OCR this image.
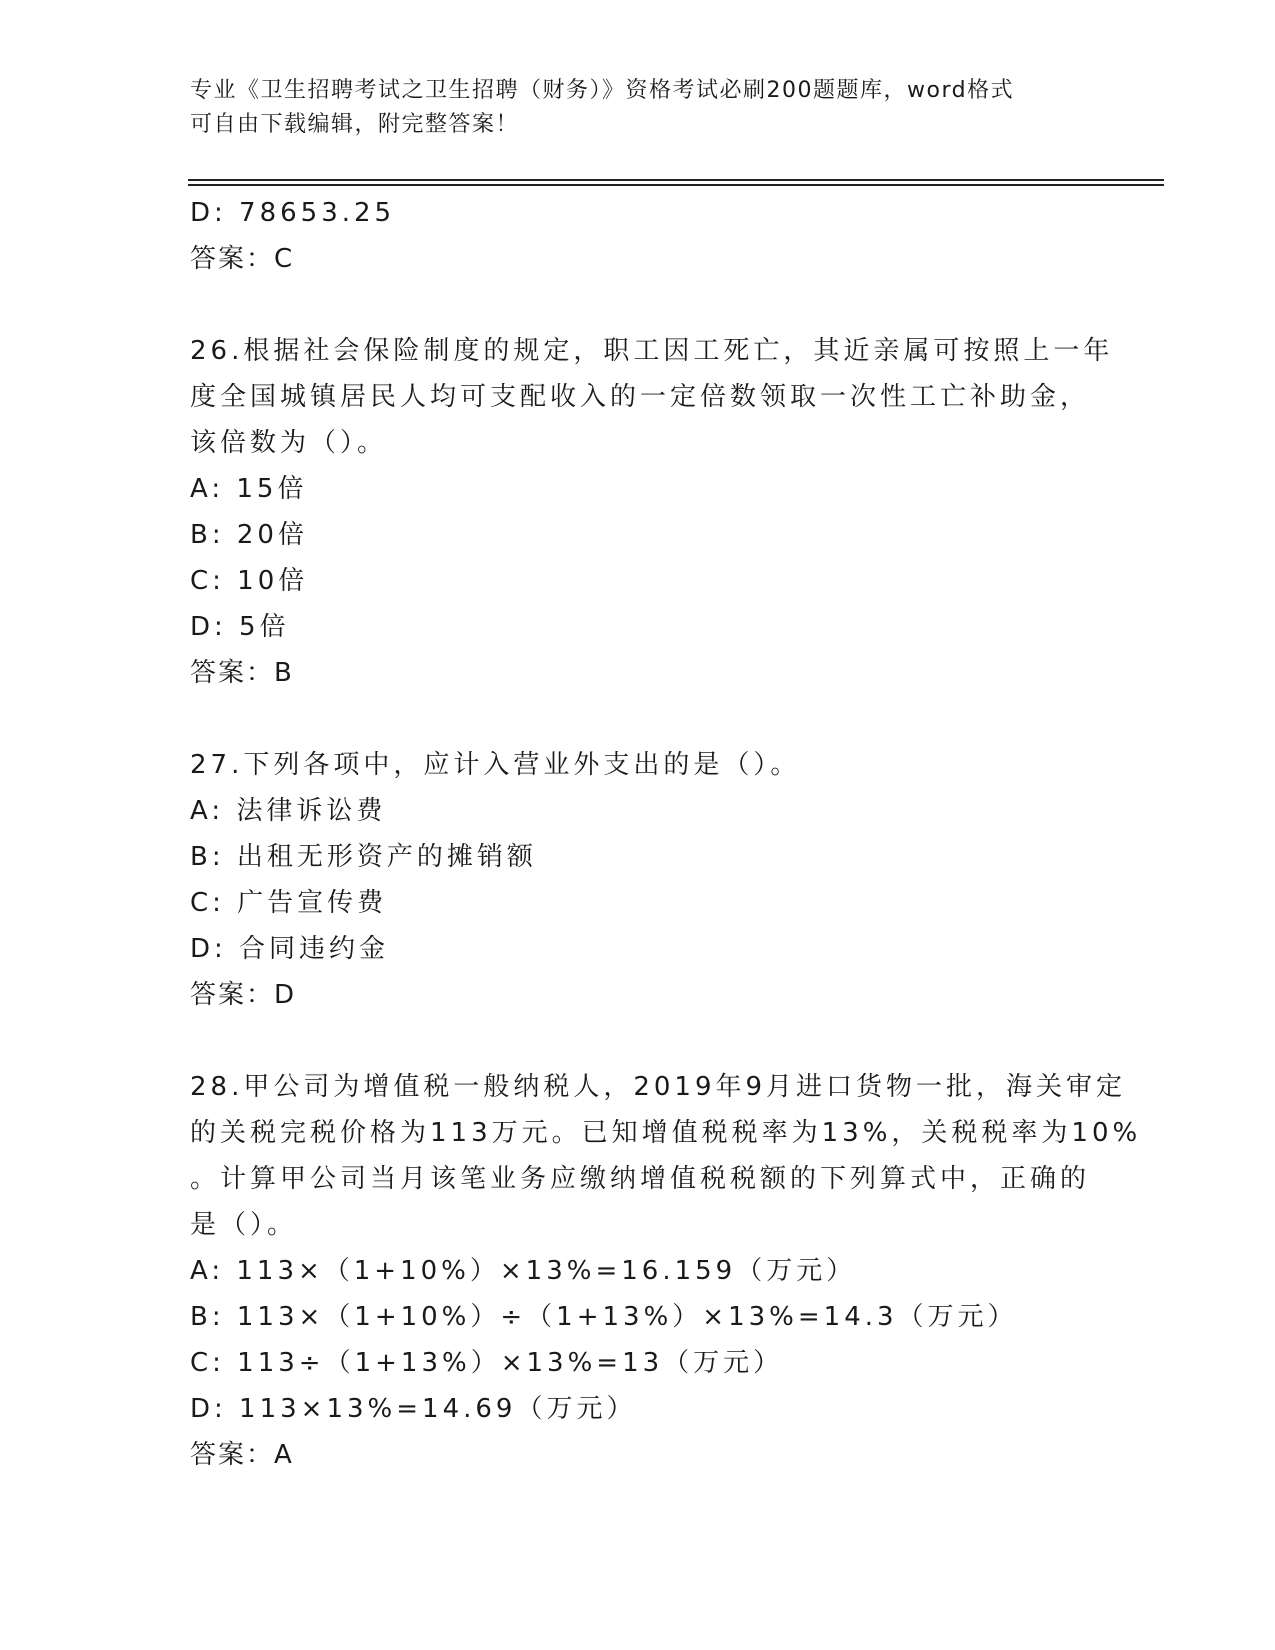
专业《卫生招聘考试之卫生招聘（财务）》资格考试必刷200题题库，word格式
可自由下载编辑，附完整答案！
D: 78653.25
答案：C
26.根据社会保险制度的规定，职工因工死亡，其近亲属可按照上一年
度全国城镇居民人均可支配收入的一定倍数领取一次性工亡补助金，
该倍数为（）。
A: 15倍
B: 20倍
C: 10倍
D: 5倍
答案：B
27.下列各项中，应计入营业外支出的是（）。
A: 法律诉讼费
B: 出租无形资产的摊销额
C: 广告宣传费
D: 合同违约金
答案：D
28.甲公司为增值税一般纳税人，2019年9月进口货物一批，海关审定
的关税完税价格为113万元。已知增值税税率为13%，关税税率为10%
。计算甲公司当月该笔业务应缴纳增值税税额的下列算式中，正确的
是（）。
A: 113×（1+10%）×13%=16.159（万元）
B: 113×（1+10%）÷（1+13%）×13%=14.3（万元）
C: 113÷（1+13%）×13%=13（万元）
D: 113×13%=14.69（万元）
答案：A
